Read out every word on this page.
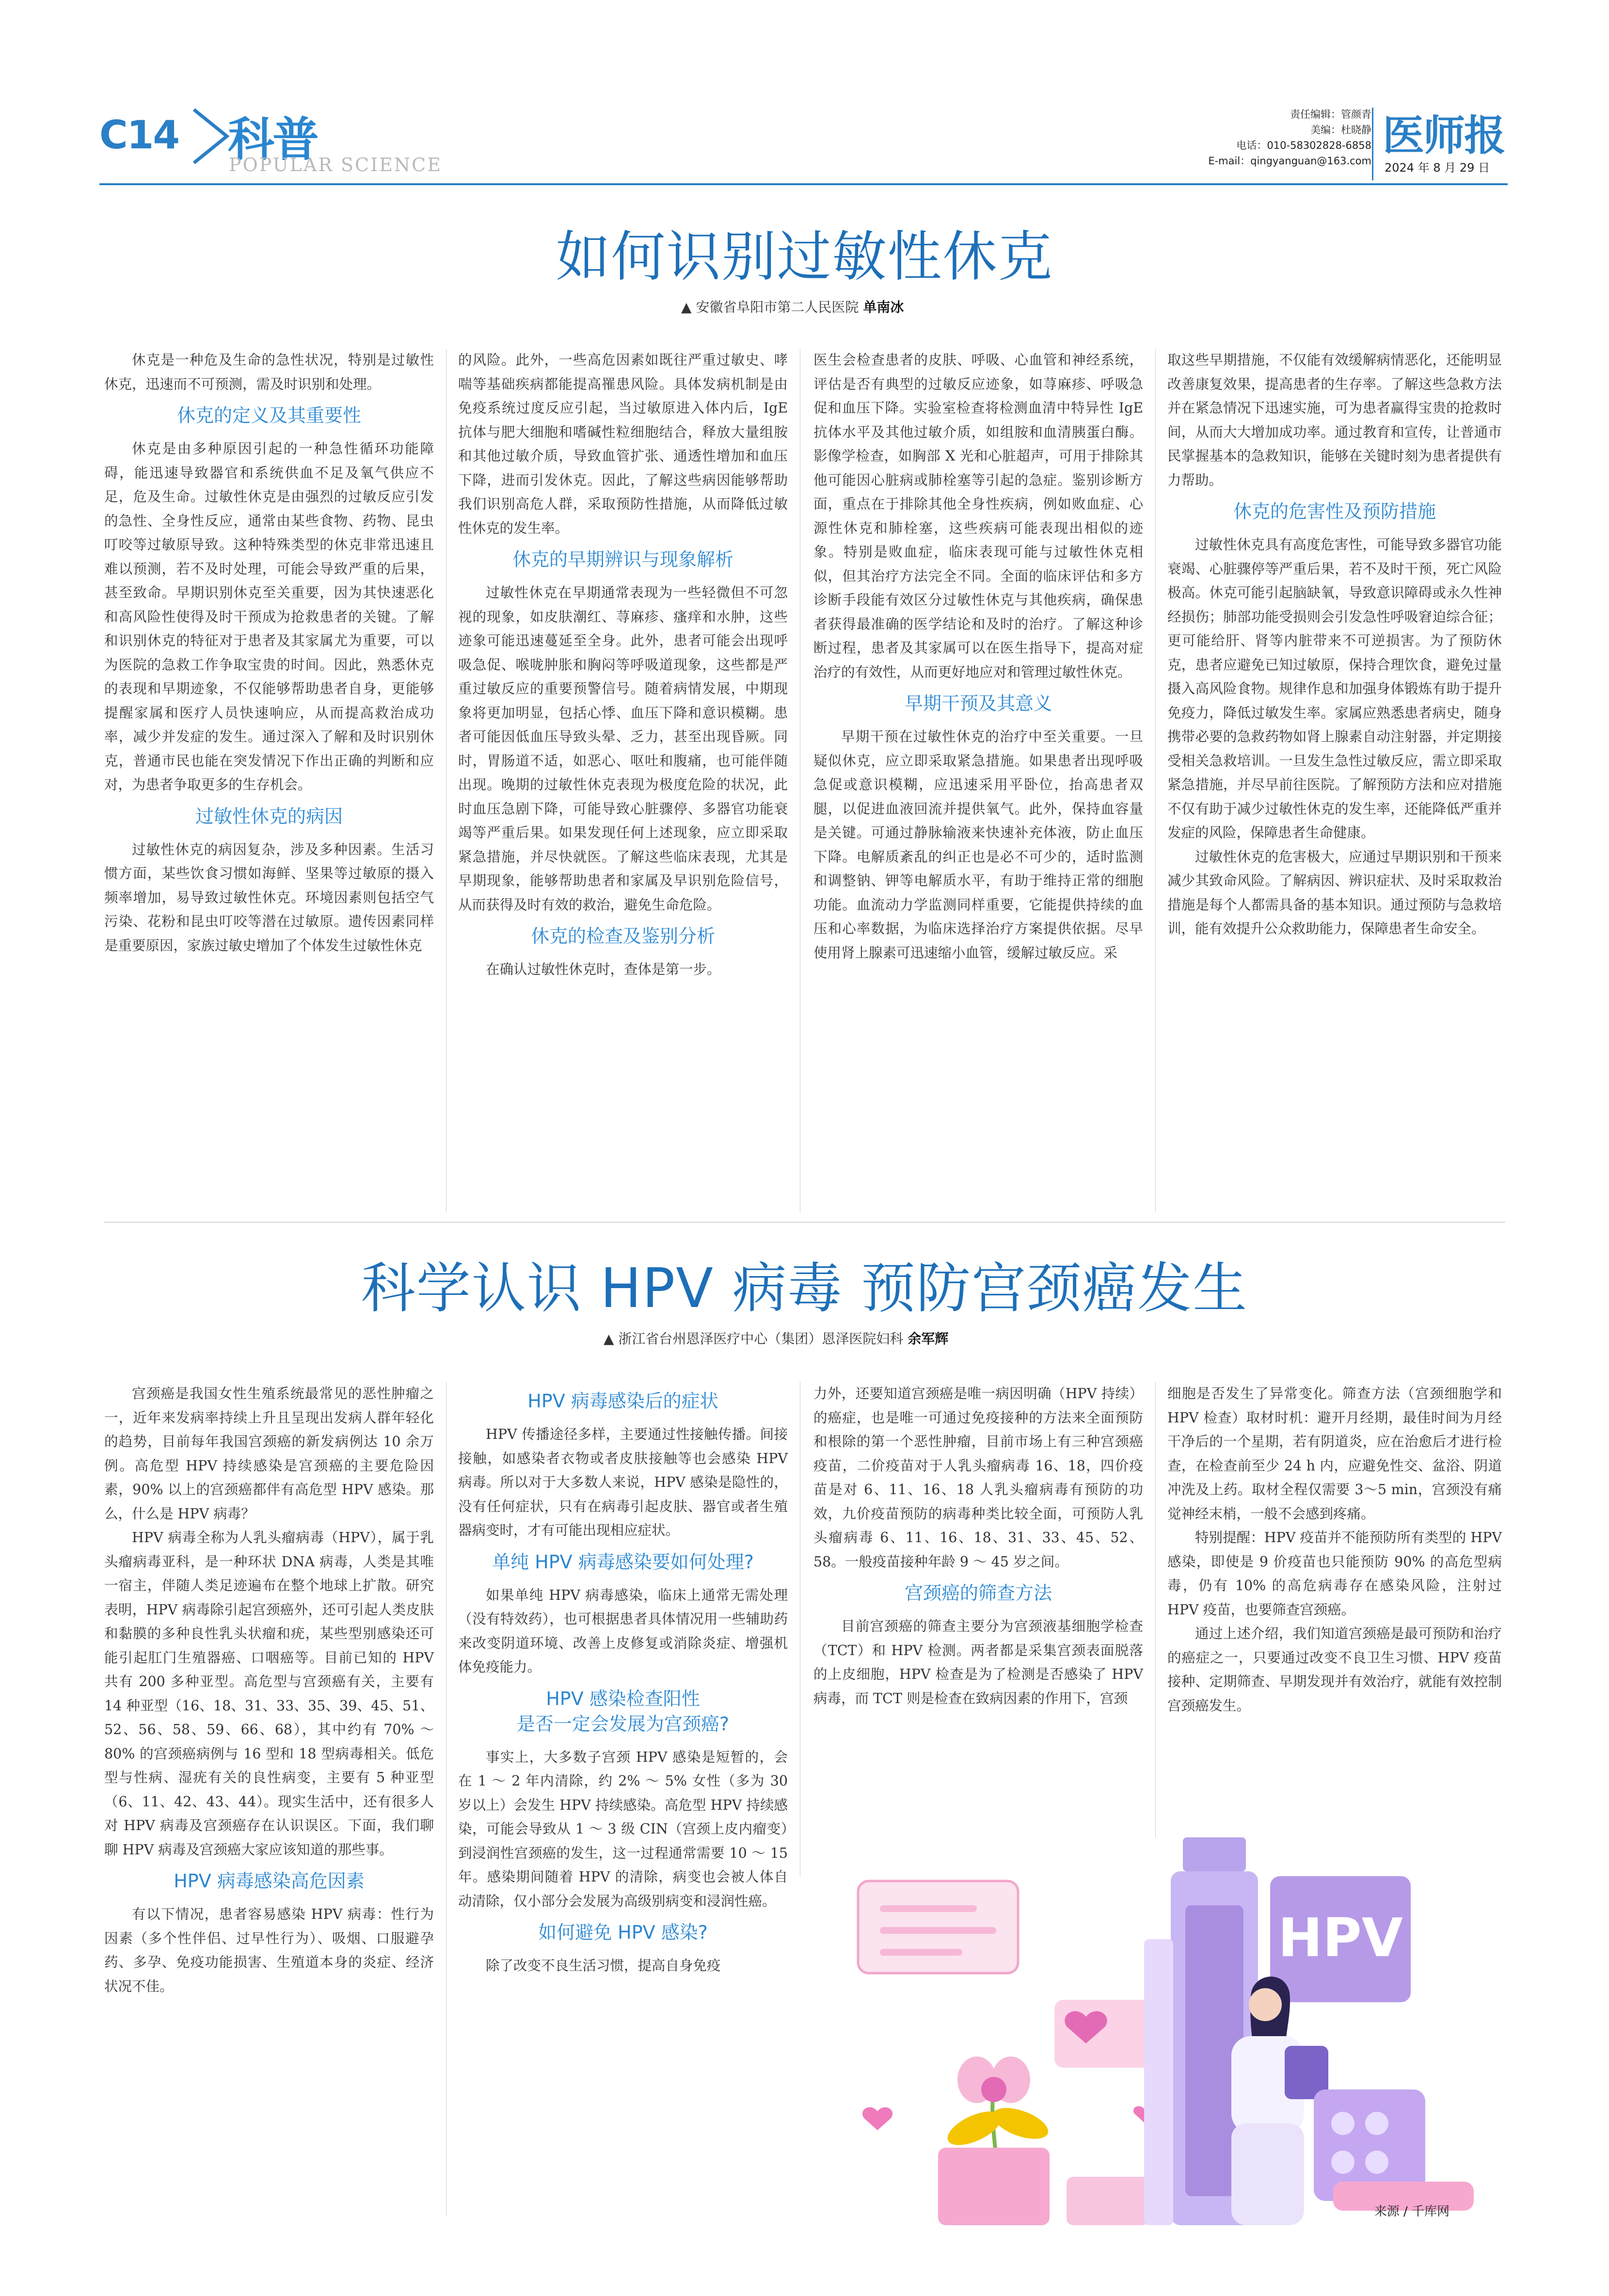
C14 科普
POPULAR SCIENCE
责任编辑：管颜青
美编：杜晓静
电话：010-58302828-6858
E-mail：qingyanguan@163.com
医师报
2024 年 8 月 29 日
如何识别过敏性休克
▲ 安徽省阜阳市第二人民医院 单南冰

休克是一种危及生命的急性状况，特别是过敏性休克，迅速而不可预测，需及时识别和处理。

休克的定义及其重要性

休克是由多种原因引起的一种急性循环功能障碍，能迅速导致器官和系统供血不足及氧气供应不足，危及生命。过敏性休克是由强烈的过敏反应引发的急性、全身性反应，通常由某些食物、药物、昆虫叮咬等过敏原导致。这种特殊类型的休克非常迅速且难以预测，若不及时处理，可能会导致严重的后果，甚至致命。早期识别休克至关重要，因为其快速恶化和高风险性使得及时干预成为抢救患者的关键。了解和识别休克的特征对于患者及其家属尤为重要，可以为医院的急救工作争取宝贵的时间。因此，熟悉休克的表现和早期迹象，不仅能够帮助患者自身，更能够提醒家属和医疗人员快速响应，从而提高救治成功率，减少并发症的发生。通过深入了解和及时识别休克，普通市民也能在突发情况下作出正确的判断和应对，为患者争取更多的生存机会。

过敏性休克的病因

过敏性休克的病因复杂，涉及多种因素。生活习惯方面，某些饮食习惯如海鲜、坚果等过敏原的摄入频率增加，易导致过敏性休克。环境因素则包括空气污染、花粉和昆虫叮咬等潜在过敏原。遗传因素同样是重要原因，家族过敏史增加了个体发生过敏性休克

的风险。此外，一些高危因素如既往严重过敏史、哮喘等基础疾病都能提高罹患风险。具体发病机制是由免疫系统过度反应引起，当过敏原进入体内后，IgE 抗体与肥大细胞和嗜碱性粒细胞结合，释放大量组胺和其他过敏介质，导致血管扩张、通透性增加和血压下降，进而引发休克。因此，了解这些病因能够帮助我们识别高危人群，采取预防性措施，从而降低过敏性休克的发生率。

休克的早期辨识与现象解析

过敏性休克在早期通常表现为一些轻微但不可忽视的现象，如皮肤潮红、荨麻疹、瘙痒和水肿，这些迹象可能迅速蔓延至全身。此外，患者可能会出现呼吸急促、喉咙肿胀和胸闷等呼吸道现象，这些都是严重过敏反应的重要预警信号。随着病情发展，中期现象将更加明显，包括心悸、血压下降和意识模糊。患者可能因低血压导致头晕、乏力，甚至出现昏厥。同时，胃肠道不适，如恶心、呕吐和腹痛，也可能伴随出现。晚期的过敏性休克表现为极度危险的状况，此时血压急剧下降，可能导致心脏骤停、多器官功能衰竭等严重后果。如果发现任何上述现象，应立即采取紧急措施，并尽快就医。了解这些临床表现，尤其是早期现象，能够帮助患者和家属及早识别危险信号，从而获得及时有效的救治，避免生命危险。

休克的检查及鉴别分析

在确认过敏性休克时，查体是第一步。

医生会检查患者的皮肤、呼吸、心血管和神经系统，评估是否有典型的过敏反应迹象，如荨麻疹、呼吸急促和血压下降。实验室检查将检测血清中特异性 IgE 抗体水平及其他过敏介质，如组胺和血清胰蛋白酶。影像学检查，如胸部 X 光和心脏超声，可用于排除其他可能因心脏病或肺栓塞等引起的急症。鉴别诊断方面，重点在于排除其他全身性疾病，例如败血症、心源性休克和肺栓塞，这些疾病可能表现出相似的迹象。特别是败血症，临床表现可能与过敏性休克相似，但其治疗方法完全不同。全面的临床评估和多方诊断手段能有效区分过敏性休克与其他疾病，确保患者获得最准确的医学结论和及时的治疗。了解这种诊断过程，患者及其家属可以在医生指导下，提高对症治疗的有效性，从而更好地应对和管理过敏性休克。

早期干预及其意义

早期干预在过敏性休克的治疗中至关重要。一旦疑似休克，应立即采取紧急措施。如果患者出现呼吸急促或意识模糊，应迅速采用平卧位，抬高患者双腿，以促进血液回流并提供氧气。此外，保持血容量是关键。可通过静脉输液来快速补充体液，防止血压下降。电解质紊乱的纠正也是必不可少的，适时监测和调整钠、钾等电解质水平，有助于维持正常的细胞功能。血流动力学监测同样重要，它能提供持续的血压和心率数据，为临床选择治疗方案提供依据。尽早使用肾上腺素可迅速缩小血管，缓解过敏反应。采

取这些早期措施，不仅能有效缓解病情恶化，还能明显改善康复效果，提高患者的生存率。了解这些急救方法并在紧急情况下迅速实施，可为患者赢得宝贵的抢救时间，从而大大增加成功率。通过教育和宣传，让普通市民掌握基本的急救知识，能够在关键时刻为患者提供有力帮助。

休克的危害性及预防措施

过敏性休克具有高度危害性，可能导致多器官功能衰竭、心脏骤停等严重后果，若不及时干预，死亡风险极高。休克可能引起脑缺氧，导致意识障碍或永久性神经损伤；肺部功能受损则会引发急性呼吸窘迫综合征；更可能给肝、肾等内脏带来不可逆损害。为了预防休克，患者应避免已知过敏原，保持合理饮食，避免过量摄入高风险食物。规律作息和加强身体锻炼有助于提升免疫力，降低过敏发生率。家属应熟悉患者病史，随身携带必要的急救药物如肾上腺素自动注射器，并定期接受相关急救培训。一旦发生急性过敏反应，需立即采取紧急措施，并尽早前往医院。了解预防方法和应对措施不仅有助于减少过敏性休克的发生率，还能降低严重并发症的风险，保障患者生命健康。

过敏性休克的危害极大，应通过早期识别和干预来减少其致命风险。了解病因、辨识症状、及时采取救治措施是每个人都需具备的基本知识。通过预防与急救培训，能有效提升公众救助能力，保障患者生命安全。

科学认识 HPV 病毒 预防宫颈癌发生
▲ 浙江省台州恩泽医疗中心（集团）恩泽医院妇科 余军辉

宫颈癌是我国女性生殖系统最常见的恶性肿瘤之一，近年来发病率持续上升且呈现出发病人群年轻化的趋势，目前每年我国宫颈癌的新发病例达 10 余万例。高危型 HPV 持续感染是宫颈癌的主要危险因素，90% 以上的宫颈癌都伴有高危型 HPV 感染。那么，什么是 HPV 病毒？

HPV 病毒全称为人乳头瘤病毒（HPV），属于乳头瘤病毒亚科，是一种环状 DNA 病毒，人类是其唯一宿主，伴随人类足迹遍布在整个地球上扩散。研究表明，HPV 病毒除引起宫颈癌外，还可引起人类皮肤和黏膜的多种良性乳头状瘤和疣，某些型别感染还可能引起肛门生殖器癌、口咽癌等。目前已知的 HPV 共有 200 多种亚型。高危型与宫颈癌有关，主要有 14 种亚型（16、18、31、33、35、39、45、51、52、56、58、59、66、68），其中约有 70% ～ 80% 的宫颈癌病例与 16 型和 18 型病毒相关。低危型与性病、湿疣有关的良性病变，主要有 5 种亚型（6、11、42、43、44）。现实生活中，还有很多人对 HPV 病毒及宫颈癌存在认识误区。下面，我们聊聊 HPV 病毒及宫颈癌大家应该知道的那些事。

HPV 病毒感染高危因素

有以下情况，患者容易感染 HPV 病毒：性行为因素（多个性伴侣、过早性行为）、吸烟、口服避孕药、多孕、免疫功能损害、生殖道本身的炎症、经济状况不佳。

HPV 病毒感染后的症状

HPV 传播途径多样，主要通过性接触传播。间接接触，如感染者衣物或者皮肤接触等也会感染 HPV 病毒。所以对于大多数人来说，HPV 感染是隐性的，没有任何症状，只有在病毒引起皮肤、器官或者生殖器病变时，才有可能出现相应症状。

单纯 HPV 病毒感染要如何处理?

如果单纯 HPV 病毒感染，临床上通常无需处理（没有特效药），也可根据患者具体情况用一些辅助药来改变阴道环境、改善上皮修复或消除炎症、增强机体免疫能力。

HPV 感染检查阳性
是否一定会发展为宫颈癌?

事实上，大多数子宫颈 HPV 感染是短暂的，会在 1 ～ 2 年内清除，约 2% ～ 5% 女性（多为 30 岁以上）会发生 HPV 持续感染。高危型 HPV 持续感染，可能会导致从 1 ～ 3 级 CIN（宫颈上皮内瘤变）到浸润性宫颈癌的发生，这一过程通常需要 10 ～ 15 年。感染期间随着 HPV 的清除，病变也会被人体自动清除，仅小部分会发展为高级别病变和浸润性癌。

如何避免 HPV 感染?

除了改变不良生活习惯，提高自身免疫

力外，还要知道宫颈癌是唯一病因明确（HPV 持续）的癌症，也是唯一可通过免疫接种的方法来全面预防和根除的第一个恶性肿瘤，目前市场上有三种宫颈癌疫苗，二价疫苗对于人乳头瘤病毒 16、18，四价疫苗是对 6、11、16、18 人乳头瘤病毒有预防的功效，九价疫苗预防的病毒种类比较全面，可预防人乳头瘤病毒 6、11、16、18、31、33、45、52、58。一般疫苗接种年龄 9 ～ 45 岁之间。

宫颈癌的筛查方法

目前宫颈癌的筛查主要分为宫颈液基细胞学检查（TCT）和 HPV 检测。两者都是采集宫颈表面脱落的上皮细胞，HPV 检查是为了检测是否感染了 HPV 病毒，而 TCT 则是检查在致病因素的作用下，宫颈

细胞是否发生了异常变化。筛查方法（宫颈细胞学和 HPV 检查）取材时机：避开月经期，最佳时间为月经干净后的一个星期，若有阴道炎，应在治愈后才进行检查，在检查前至少 24 h 内，应避免性交、盆浴、阴道冲洗及上药。取材全程仅需要 3～5 min，宫颈没有痛觉神经末梢，一般不会感到疼痛。

特别提醒：HPV 疫苗并不能预防所有类型的 HPV 感染，即使是 9 价疫苗也只能预防 90% 的高危型病毒，仍有 10% 的高危病毒存在感染风险，注射过 HPV 疫苗，也要筛查宫颈癌。

通过上述介绍，我们知道宫颈癌是最可预防和治疗的癌症之一，只要通过改变不良卫生习惯、HPV 疫苗接种、定期筛查、早期发现并有效治疗，就能有效控制宫颈癌发生。

HPV
来源 / 千库网
